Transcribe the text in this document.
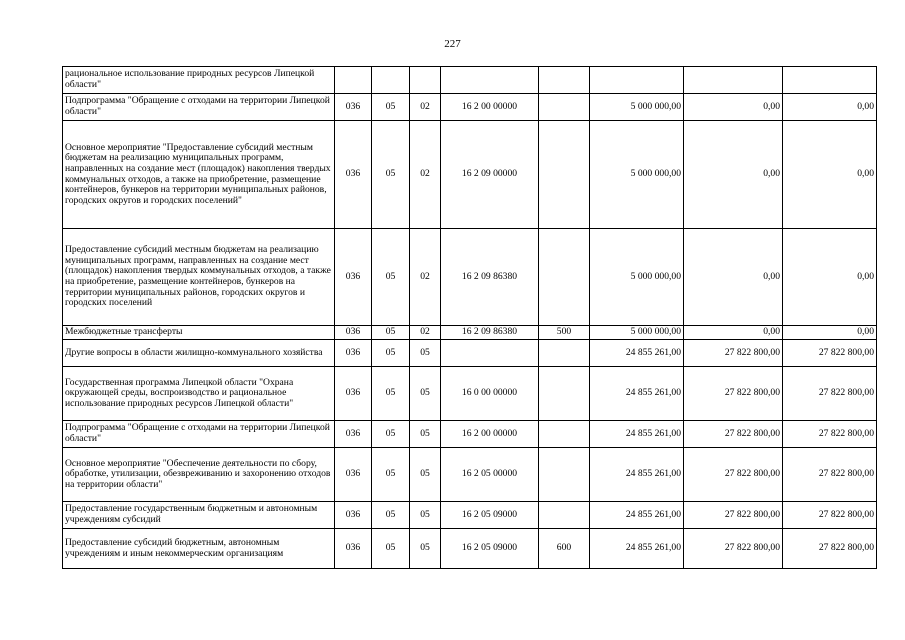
227
рациональное использование природных ресурсов Липецкой области"								
Подпрограмма "Обращение с отходами на территории Липецкой области"	036	05	02	16 2 00 00000		5 000 000,00	0,00	0,00
Основное мероприятие "Предоставление субсидий местным бюджетам на реализацию муниципальных программ, направленных на создание мест (площадок) накопления твердых коммунальных отходов, а также на приобретение, размещение контейнеров, бункеров на территории муниципальных районов, городских округов и городских поселений"	036	05	02	16 2 09 00000		5 000 000,00	0,00	0,00
Предоставление субсидий местным бюджетам на реализацию муниципальных программ, направленных на создание мест (площадок) накопления твердых коммунальных отходов, а также на приобретение, размещение контейнеров, бункеров на территории муниципальных районов, городских округов и городских поселений	036	05	02	16 2 09 86380		5 000 000,00	0,00	0,00
Межбюджетные трансферты	036	05	02	16 2 09 86380	500	5 000 000,00	0,00	0,00
Другие вопросы в области жилищно-коммунального хозяйства	036	05	05			24 855 261,00	27 822 800,00	27 822 800,00
Государственная программа Липецкой области "Охрана окружающей среды, воспроизводство и рациональное использование природных ресурсов Липецкой области"	036	05	05	16 0 00 00000		24 855 261,00	27 822 800,00	27 822 800,00
Подпрограмма "Обращение с отходами на территории Липецкой области"	036	05	05	16 2 00 00000		24 855 261,00	27 822 800,00	27 822 800,00
Основное мероприятие "Обеспечение деятельности по сбору, обработке, утилизации, обезвреживанию и захоронению отходов на территории области"	036	05	05	16 2 05 00000		24 855 261,00	27 822 800,00	27 822 800,00
Предоставление государственным бюджетным и автономным учреждениям субсидий	036	05	05	16 2 05 09000		24 855 261,00	27 822 800,00	27 822 800,00
Предоставление субсидий бюджетным, автономным учреждениям и иным некоммерческим организациям	036	05	05	16 2 05 09000	600	24 855 261,00	27 822 800,00	27 822 800,00
